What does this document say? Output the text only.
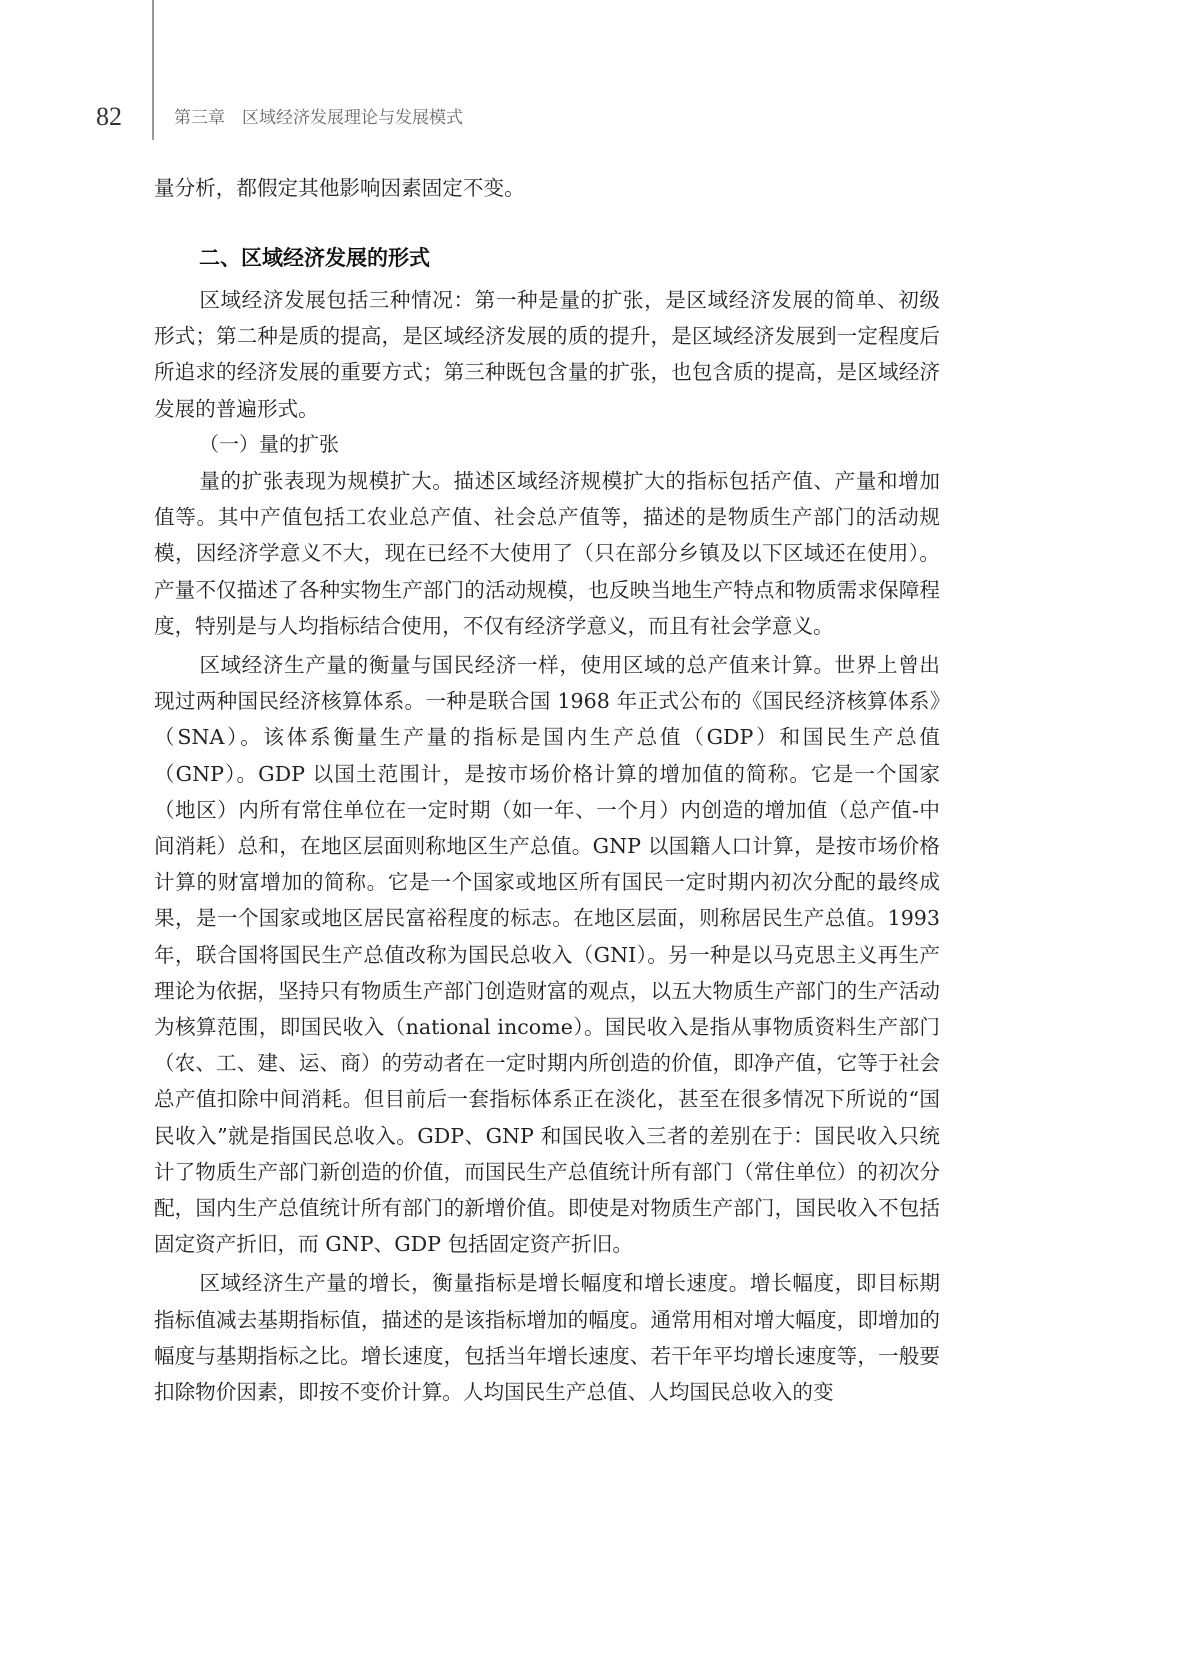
82	第三章　区域经济发展理论与发展模式

量分析，都假定其他影响因素固定不变。

二、区域经济发展的形式

区域经济发展包括三种情况：第一种是量的扩张，是区域经济发展的简单、初级形式；第二种是质的提高，是区域经济发展的质的提升，是区域经济发展到一定程度后所追求的经济发展的重要方式；第三种既包含量的扩张，也包含质的提高，是区域经济发展的普遍形式。

（一）量的扩张

量的扩张表现为规模扩大。描述区域经济规模扩大的指标包括产值、产量和增加值等。其中产值包括工农业总产值、社会总产值等，描述的是物质生产部门的活动规模，因经济学意义不大，现在已经不大使用了（只在部分乡镇及以下区域还在使用）。产量不仅描述了各种实物生产部门的活动规模，也反映当地生产特点和物质需求保障程度，特别是与人均指标结合使用，不仅有经济学意义，而且有社会学意义。

区域经济生产量的衡量与国民经济一样，使用区域的总产值来计算。世界上曾出现过两种国民经济核算体系。一种是联合国 1968 年正式公布的《国民经济核算体系》（SNA）。该体系衡量生产量的指标是国内生产总值（GDP）和国民生产总值（GNP）。GDP 以国土范围计，是按市场价格计算的增加值的简称。它是一个国家（地区）内所有常住单位在一定时期（如一年、一个月）内创造的增加值（总产值-中间消耗）总和，在地区层面则称地区生产总值。GNP 以国籍人口计算，是按市场价格计算的财富增加的简称。它是一个国家或地区所有国民一定时期内初次分配的最终成果，是一个国家或地区居民富裕程度的标志。在地区层面，则称居民生产总值。1993 年，联合国将国民生产总值改称为国民总收入（GNI）。另一种是以马克思主义再生产理论为依据，坚持只有物质生产部门创造财富的观点，以五大物质生产部门的生产活动为核算范围，即国民收入（national income）。国民收入是指从事物质资料生产部门（农、工、建、运、商）的劳动者在一定时期内所创造的价值，即净产值，它等于社会总产值扣除中间消耗。但目前后一套指标体系正在淡化，甚至在很多情况下所说的“国民收入”就是指国民总收入。GDP、GNP 和国民收入三者的差别在于：国民收入只统计了物质生产部门新创造的价值，而国民生产总值统计所有部门（常住单位）的初次分配，国内生产总值统计所有部门的新增价值。即使是对物质生产部门，国民收入不包括固定资产折旧，而 GNP、GDP 包括固定资产折旧。

区域经济生产量的增长，衡量指标是增长幅度和增长速度。增长幅度，即目标期指标值减去基期指标值，描述的是该指标增加的幅度。通常用相对增大幅度，即增加的幅度与基期指标之比。增长速度，包括当年增长速度、若干年平均增长速度等，一般要扣除物价因素，即按不变价计算。人均国民生产总值、人均国民总收入的变
